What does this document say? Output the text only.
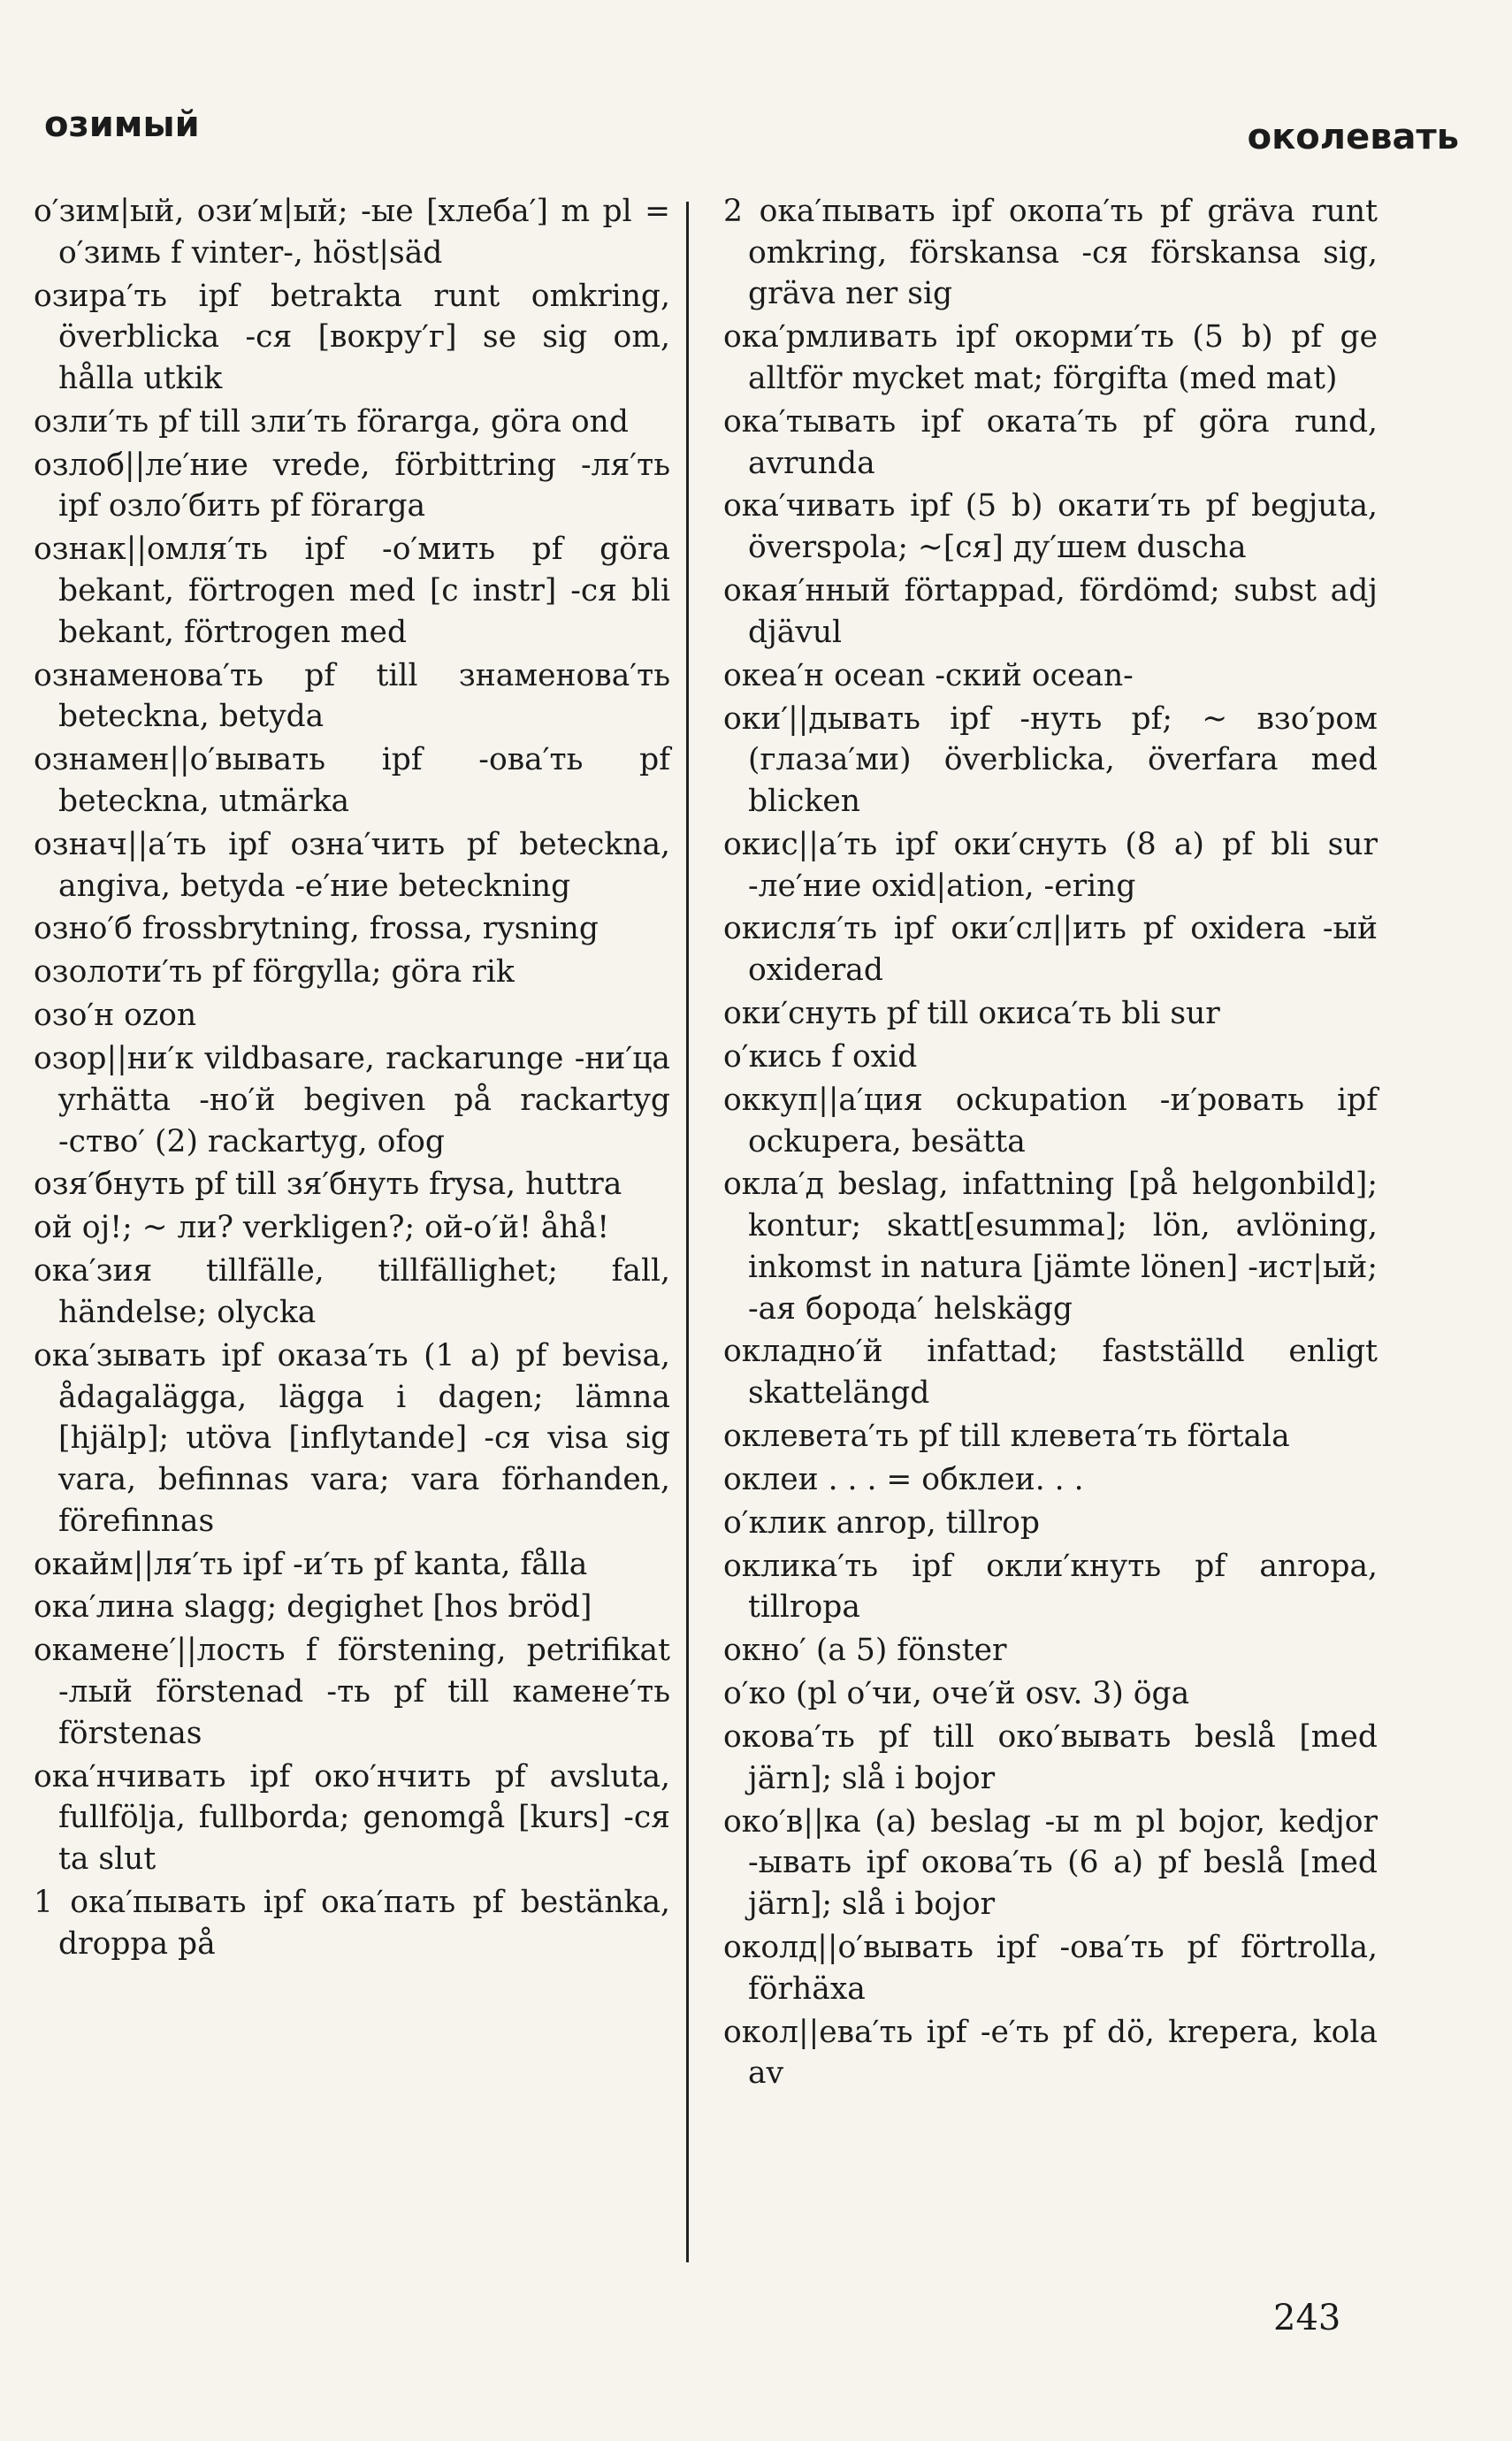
озимый	околевать

о′зим|ый, ози′м|ый; -ые [хлеба′] m pl = о′зимь f vinter-, höst|säd

озира′ть ipf betrakta runt omkring, överblicka -ся [вокру′г] se sig om, hålla utkik

озли′ть pf till зли′ть förarga, göra ond

озлоб||ле′ние vrede, förbittring -ля′ть ipf озло′бить pf förarga

ознак||омля′ть ipf -о′мить pf göra bekant, förtrogen med [c instr] -ся bli bekant, förtrogen med

ознаменова′ть pf till знаменова′ть beteckna, betyda

ознамен||о′вывать ipf -ова′ть pf beteckna, utmärka

означ||а′ть ipf озна′чить pf beteckna, angiva, betyda -е′ние beteckning

озно′б frossbrytning, frossa, rysning

озолоти′ть pf förgylla; göra rik

озо′н ozon

озор||ни′к vildbasare, rackarunge -ни′ца yrhätta -но′й begiven på rackartyg -ство′ (2) rackartyg, ofog

озя′бнуть pf till зя′бнуть frysa, huttra

ой oj!; ~ ли? verkligen?; ой-о′й! åhå!

ока′зия tillfälle, tillfällighet; fall, händelse; olycka

ока′зывать ipf оказа′ть (1 a) pf bevisa, ådagalägga, lägga i dagen; lämna [hjälp]; utöva [inflytande] -ся visa sig vara, befinnas vara; vara förhanden, förefinnas

окайм||ля′ть ipf -и′ть pf kanta, fålla

ока′лина slagg; degighet [hos bröd]

окамене′||лость f förstening, petrifikat -лый förstenad -ть pf till камене′ть förstenas

ока′нчивать ipf око′нчить pf avsluta, fullfölja, fullborda; genomgå [kurs] -ся ta slut

1 ока′пывать ipf ока′пать pf bestänka, droppa på

2 ока′пывать ipf окопа′ть pf gräva runt omkring, förskansa -ся förskansa sig, gräva ner sig

ока′рмливать ipf окорми′ть (5 b) pf ge alltför mycket mat; förgifta (med mat)

ока′тывать ipf оката′ть pf göra rund, avrunda

ока′чивать ipf (5 b) окати′ть pf begjuta, överspola; ~[ся] ду′шем duscha

окая′нный förtappad, fördömd; subst adj djävul

океа′н ocean -ский ocean-

оки′||дывать ipf -нуть pf; ~ взо′ром (глаза′ми) överblicka, överfara med blicken

окис||а′ть ipf оки′снуть (8 a) pf bli sur -ле′ние oxid|ation, -ering

окисля′ть ipf оки′сл||ить pf oxidera -ый oxiderad

оки′снуть pf till окиса′ть bli sur

о′кись f oxid

оккуп||а′ция ockupation -и′ровать ipf ockupera, besätta

окла′д beslag, infattning [på helgonbild]; kontur; skatt[esumma]; lön, avlöning, inkomst in natura [jämte lönen] -ист|ый; -ая борода′ helskägg

окладно′й infattad; fastställd enligt skattelängd

оклевета′ть pf till клевета′ть förtala

оклеи . . . = обклеи. . .

о′клик anrop, tillrop

оклика′ть ipf окли′кнуть pf anropa, tillropa

окно′ (a 5) fönster

о′ко (pl о′чи, оче′й osv. 3) öga

окова′ть pf till око′вывать beslå [med järn]; slå i bojor

око′в||ка (a) beslag -ы m pl bojor, kedjor -ывать ipf окова′ть (6 a) pf beslå [med järn]; slå i bojor

околд||о′вывать ipf -ова′ть pf förtrolla, förhäxa

окол||ева′ть ipf -е′ть pf dö, krepera, kola av

243
